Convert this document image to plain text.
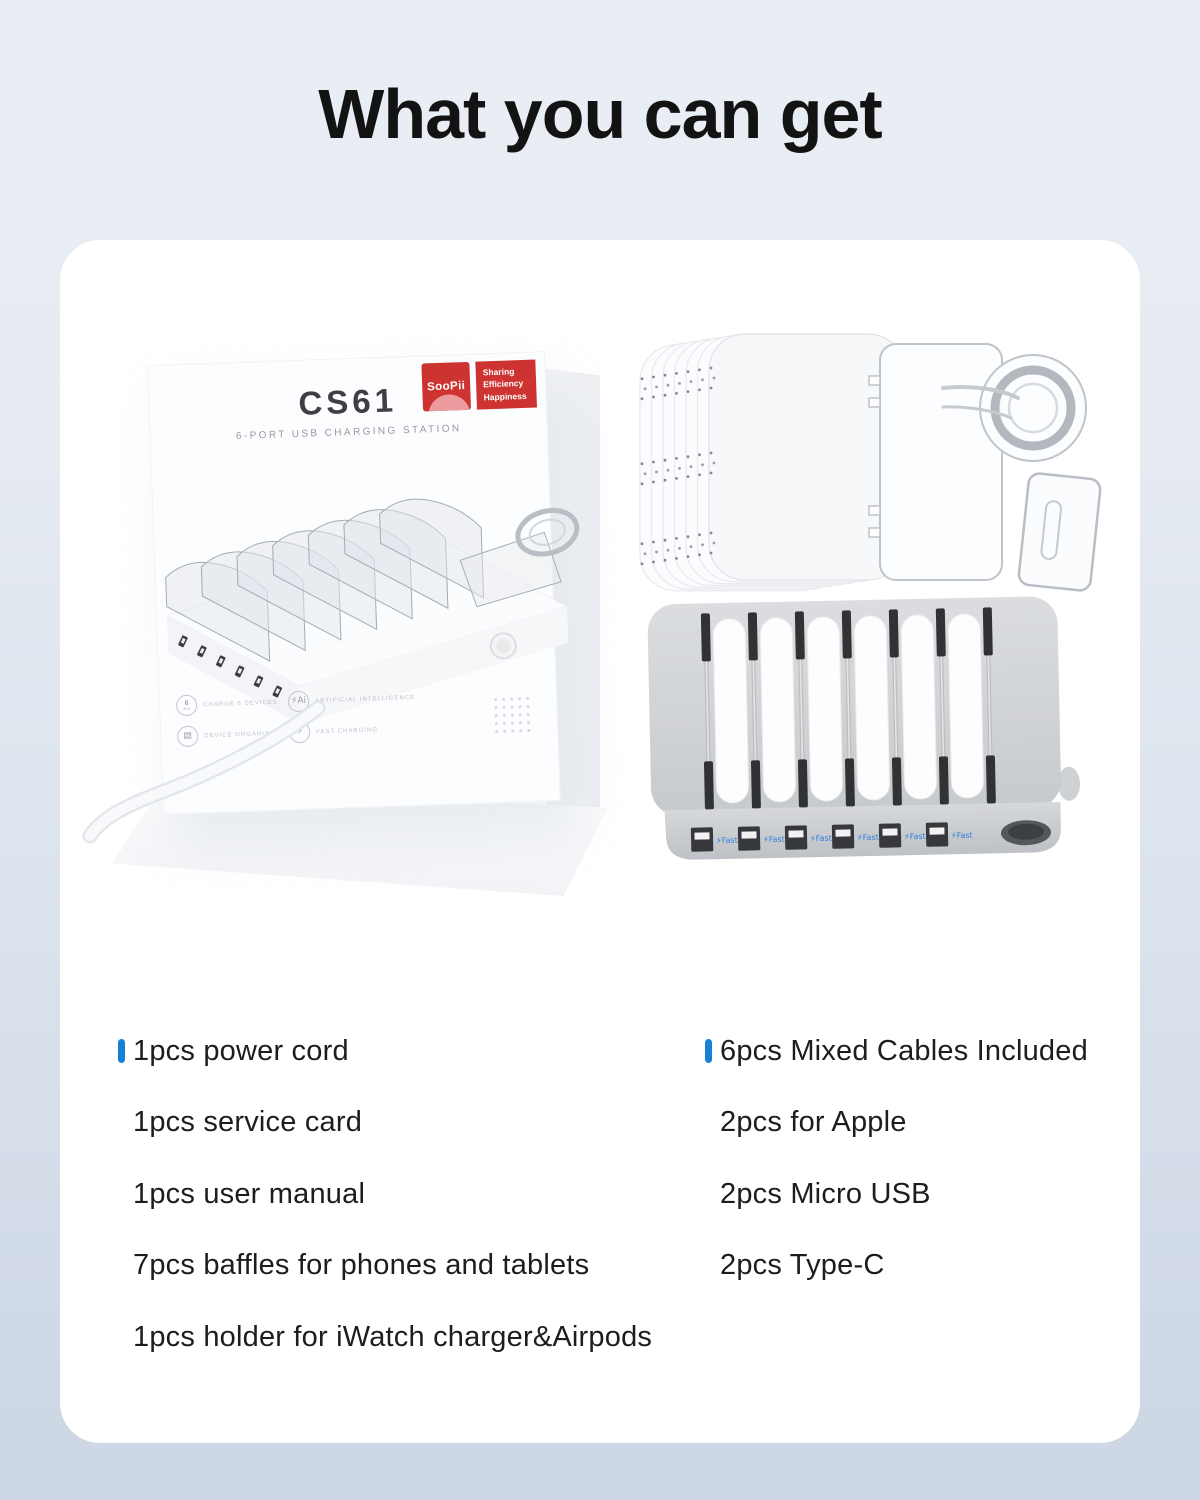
What you can get
CS61
6-PORT USB CHARGING STATION
SooPii
Sharing
Efficiency
Happiness
6
in 1
CHARGE 6 DEVICES ⚡Ai ARTIFICIAL INTELLIGENCE
▤ DEVICE ORGANIZATION ⚡ FAST CHARGING
⚡Fast	⚡Fast	⚡Fast	⚡Fast	⚡Fast	⚡Fast
1pcs power cord
1pcs service card
1pcs user manual
7pcs baffles for phones and tablets
1pcs holder for iWatch charger&Airpods
6pcs Mixed Cables Included
2pcs for Apple
2pcs Micro USB
2pcs Type-C
